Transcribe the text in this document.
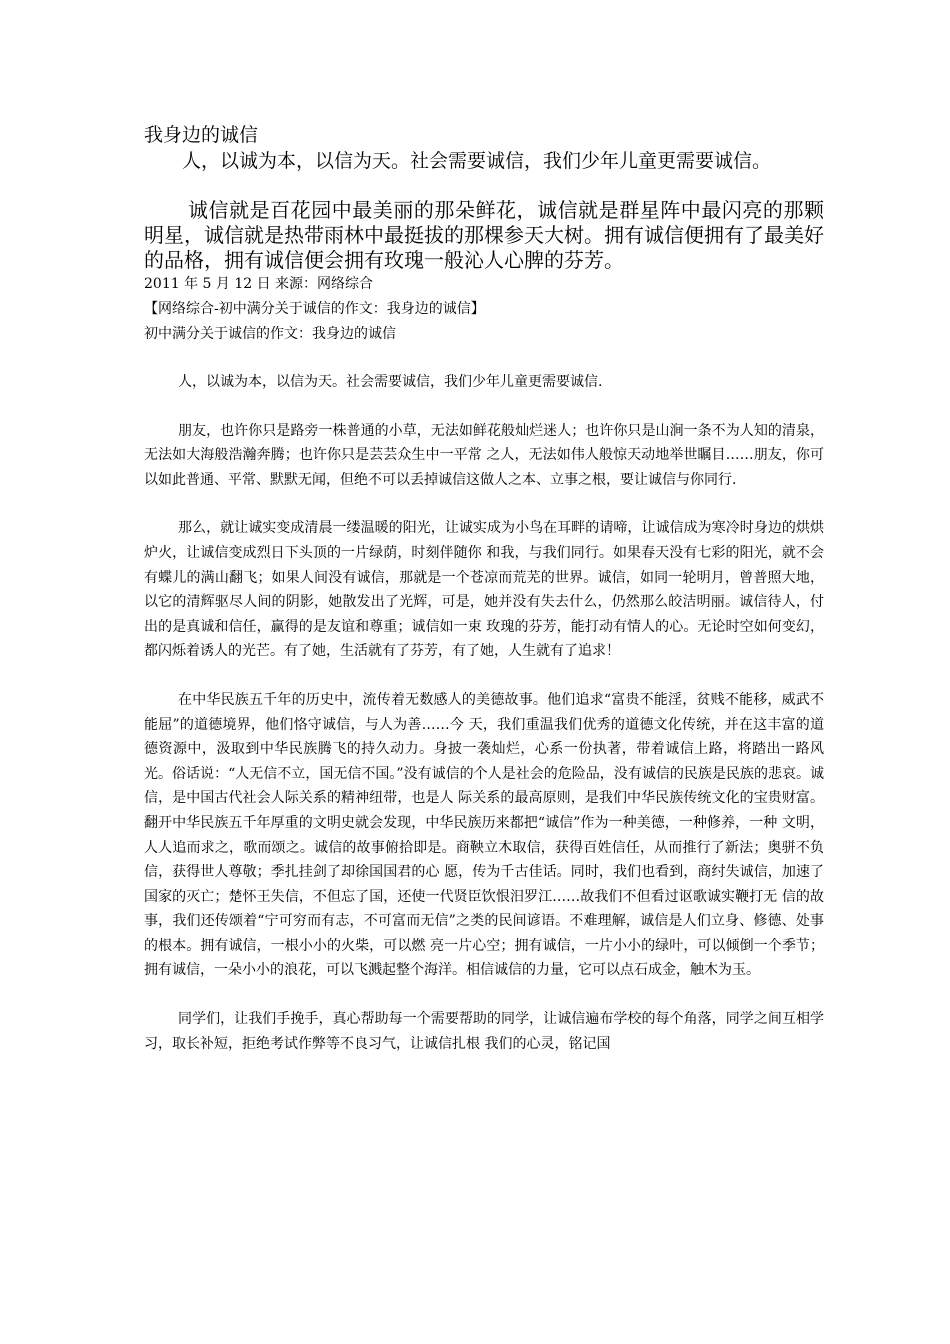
我身边的诚信

人，以诚为本，以信为天。社会需要诚信，我们少年儿童更需要诚信。

诚信就是百花园中最美丽的那朵鲜花，诚信就是群星阵中最闪亮的那颗明星，诚信就是热带雨林中最挺拔的那棵参天大树。拥有诚信便拥有了最美好的品格，拥有诚信便会拥有玫瑰一般沁人心脾的芬芳。

2011 年 5 月 12 日 来源：网络综合

【网络综合-初中满分关于诚信的作文：我身边的诚信】

初中满分关于诚信的作文：我身边的诚信

人，以诚为本，以信为天。社会需要诚信，我们少年儿童更需要诚信.

朋友，也许你只是路旁一株普通的小草，无法如鲜花般灿烂迷人；也许你只是山涧一条不为人知的清泉，无法如大海般浩瀚奔腾；也许你只是芸芸众生中一平常 之人，无法如伟人般惊天动地举世瞩目……朋友，你可以如此普通、平常、默默无闻，但绝不可以丢掉诚信这做人之本、立事之根，要让诚信与你同行.

那么，就让诚实变成清晨一缕温暖的阳光，让诚实成为小鸟在耳畔的请啼，让诚信成为寒冷时身边的烘烘炉火，让诚信变成烈日下头顶的一片绿荫，时刻伴随你 和我，与我们同行。如果春天没有七彩的阳光，就不会有蝶儿的满山翻飞；如果人间没有诚信，那就是一个苍凉而荒芜的世界。诚信，如同一轮明月，曾普照大地，以它的清辉驱尽人间的阴影，她散发出了光辉，可是，她并没有失去什么，仍然那么皎洁明丽。诚信待人，付出的是真诚和信任，赢得的是友谊和尊重；诚信如一束 玫瑰的芬芳，能打动有情人的心。无论时空如何变幻，都闪烁着诱人的光芒。有了她，生活就有了芬芳，有了她，人生就有了追求！

在中华民族五千年的历史中，流传着无数感人的美德故事。他们追求“富贵不能淫，贫贱不能移，威武不能屈”的道德境界，他们恪守诚信，与人为善……今 天，我们重温我们优秀的道德文化传统，并在这丰富的道德资源中，汲取到中华民族腾飞的持久动力。身披一袭灿烂，心系一份执著，带着诚信上路，将踏出一路风 光。俗话说：“人无信不立，国无信不国。”没有诚信的个人是社会的危险品，没有诚信的民族是民族的悲哀。诚信，是中国古代社会人际关系的精神纽带，也是人 际关系的最高原则，是我们中华民族传统文化的宝贵财富。翻开中华民族五千年厚重的文明史就会发现，中华民族历来都把“诚信”作为一种美德，一种修养，一种 文明，人人追而求之，歌而颂之。诚信的故事俯拾即是。商鞅立木取信，获得百姓信任，从而推行了新法；奥骈不负信，获得世人尊敬；季扎挂剑了却徐国国君的心 愿，传为千古佳话。同时，我们也看到，商纣失诚信，加速了国家的灭亡；楚怀王失信，不但忘了国，还使一代贤臣饮恨汨罗江……故我们不但看过讴歌诚实鞭打无 信的故事，我们还传颂着“宁可穷而有志，不可富而无信”之类的民间谚语。不难理解，诚信是人们立身、修德、处事的根本。拥有诚信，一根小小的火柴，可以燃 亮一片心空；拥有诚信，一片小小的绿叶，可以倾倒一个季节；拥有诚信，一朵小小的浪花，可以飞溅起整个海洋。相信诚信的力量，它可以点石成金，触木为玉。

同学们，让我们手挽手，真心帮助每一个需要帮助的同学，让诚信遍布学校的每个角落，同学之间互相学习，取长补短，拒绝考试作弊等不良习气，让诚信扎根 我们的心灵，铭记国
